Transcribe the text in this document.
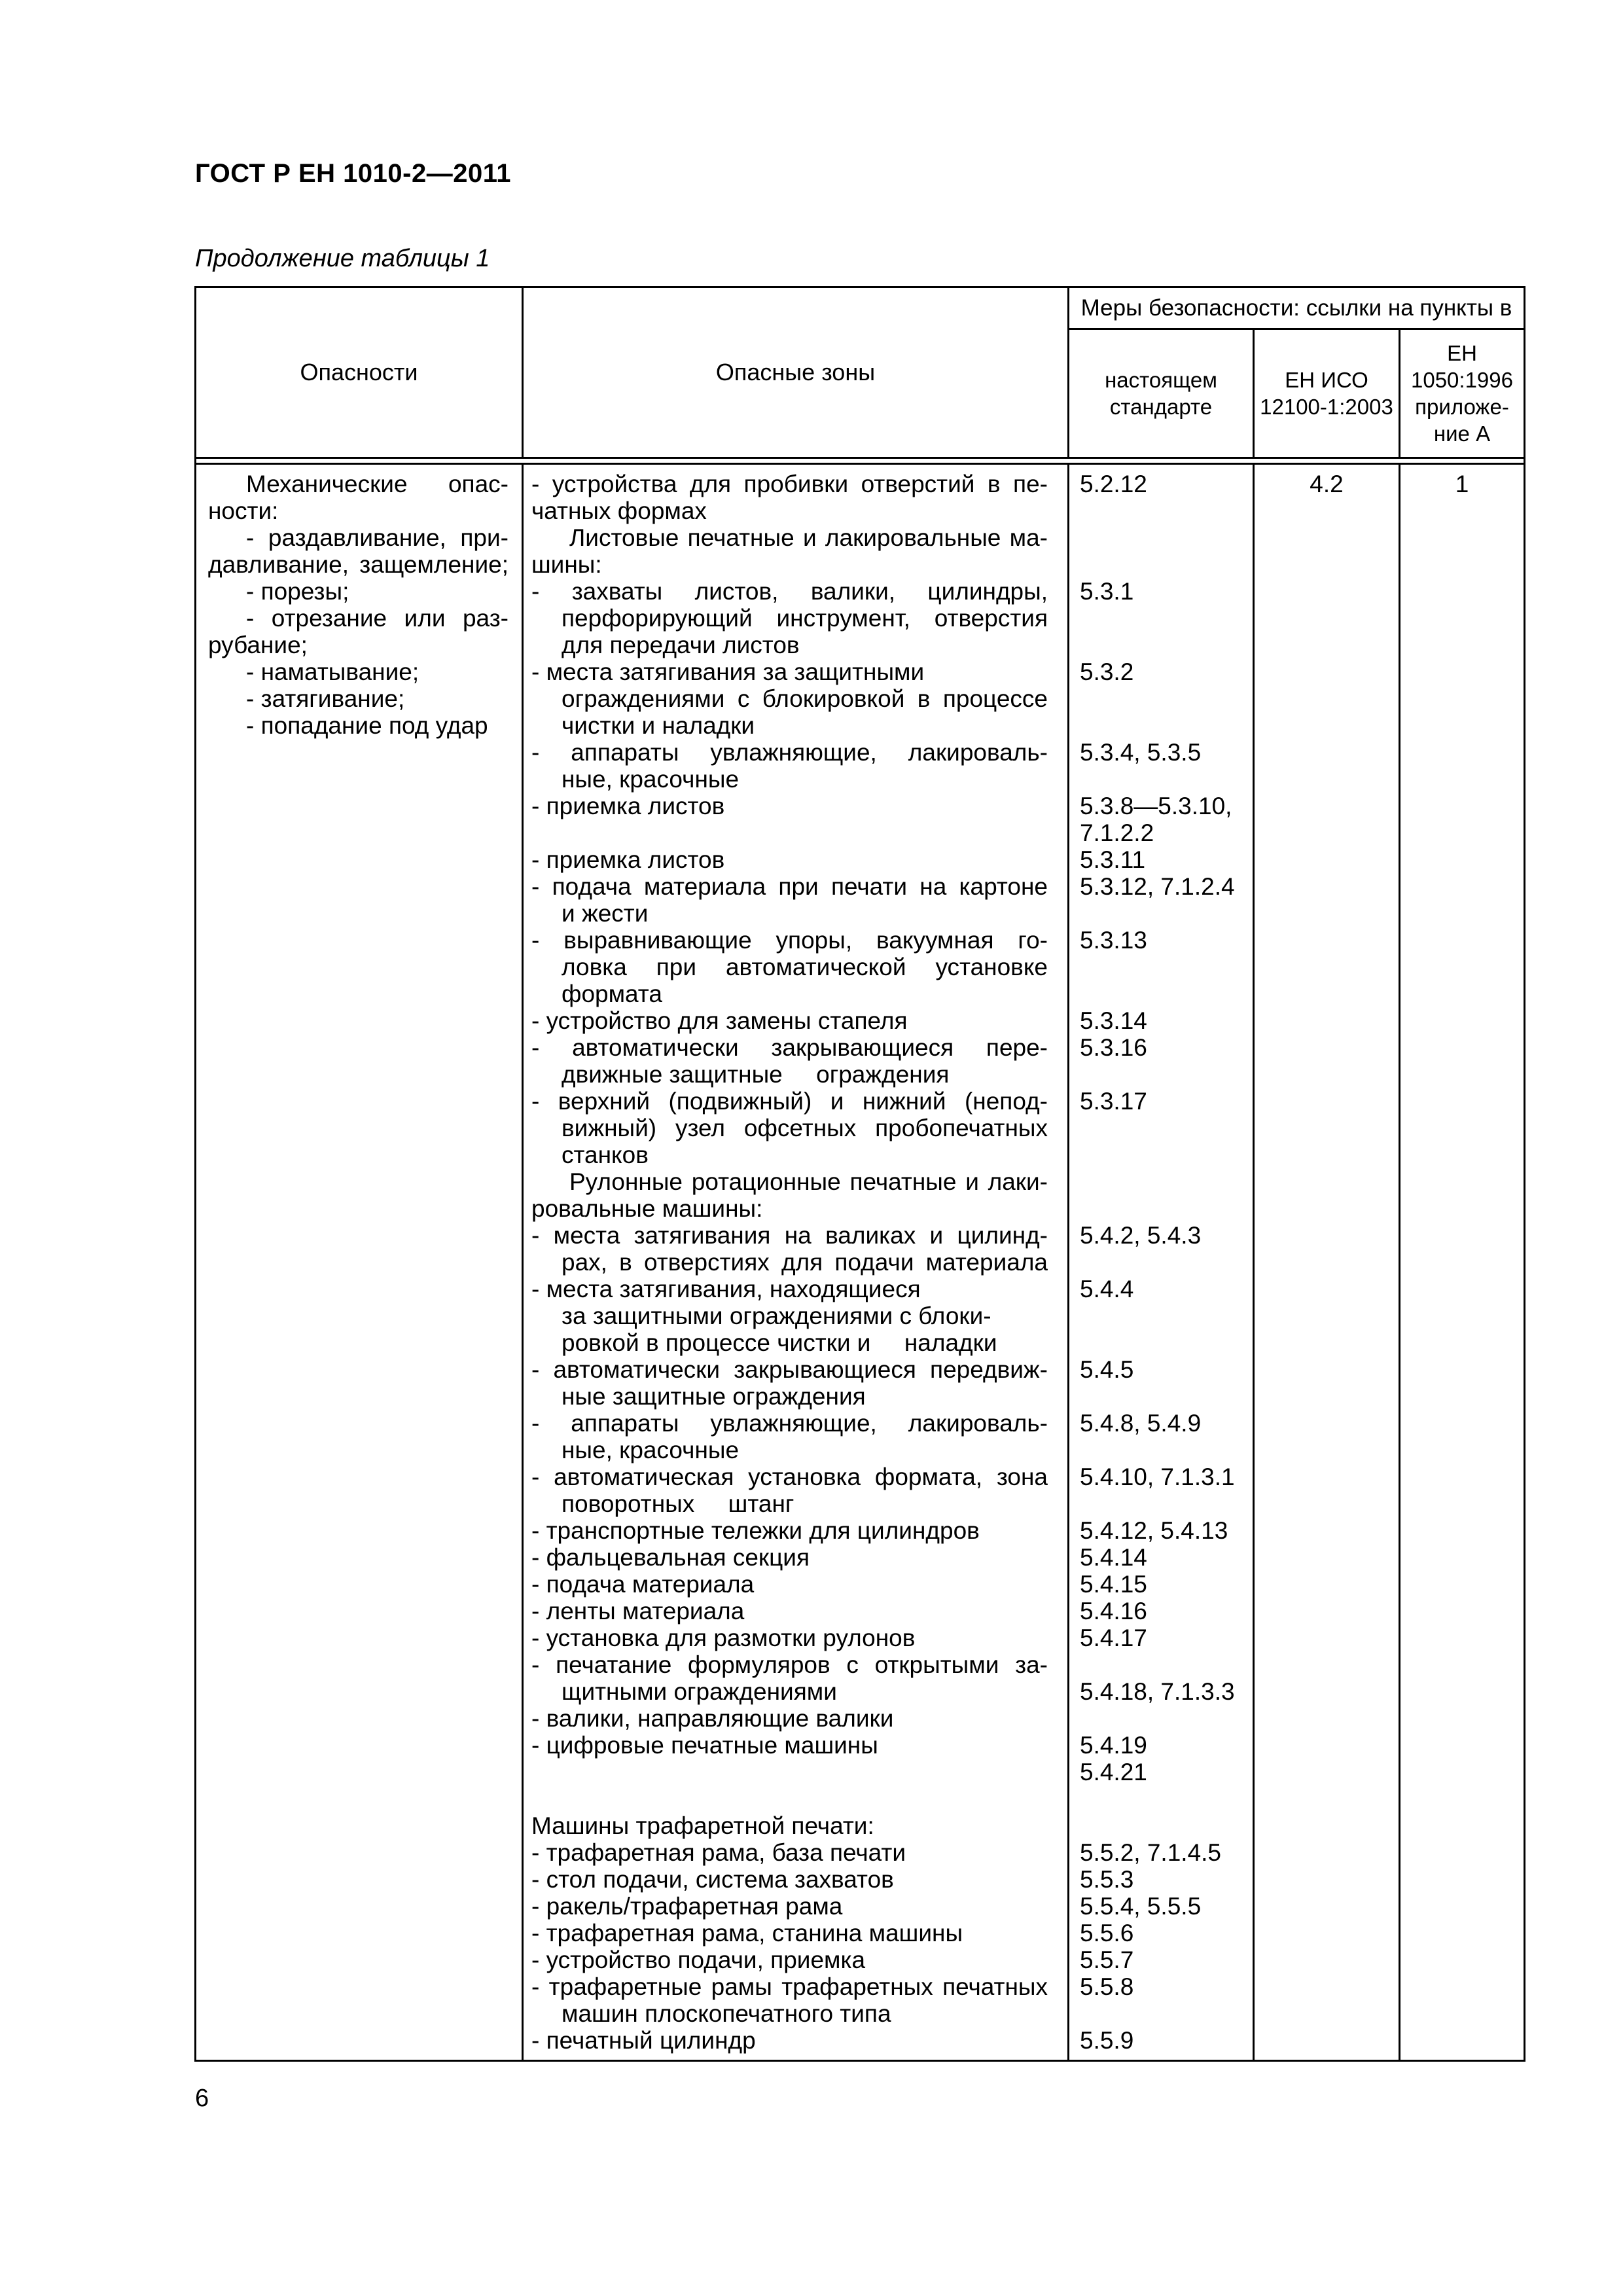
ГОСТ Р ЕН 1010-2—2011
Продолжение таблицы 1
Опасности	Опасные зоны
Меры безопасности: ссылки на пункты в
настоящем
стандарте
ЕН ИСО
12100-1:2003
ЕН
1050:1996
приложе-
ние А
Механические опас-
ности:
- раздавливание, при-
давливание, защемление;
- порезы;
- отрезание или раз-
рубание;
- наматывание;
- затягивание;
- попадание под удар
- устройства для пробивки отверстий в пе-
чатных формах
Листовые печатные и лакировальные ма-
шины:
- захваты листов, валики, цилиндры,
перфорирующий инструмент, отверстия
для передачи листов
- места затягивания за защитными
ограждениями с блокировкой в процессе
чистки и наладки
- аппараты увлажняющие, лакироваль-
ные, красочные
- приемка листов

- приемка листов
- подача материала при печати на картоне
и жести
- выравнивающие упоры, вакуумная го-
ловка при автоматической установке
формата
- устройство для замены стапеля
- автоматически закрывающиеся пере-
движные защитные     ограждения
- верхний (подвижный) и нижний (непод-
вижный) узел офсетных пробопечатных
станков
Рулонные ротационные печатные и лаки-
ровальные машины:
- места затягивания на валиках и цилинд-
рах, в отверстиях для подачи материала
- места затягивания, находящиеся
за защитными ограждениями с блоки-
ровкой в процессе чистки и     наладки
- автоматически закрывающиеся передвиж-
ные защитные ограждения
- аппараты увлажняющие, лакироваль-
ные, красочные
- автоматическая установка формата, зона
поворотных     штанг
- транспортные тележки для цилиндров
- фальцевальная секция
- подача материала
- ленты материала
- установка для размотки рулонов
- печатание формуляров с открытыми за-
щитными ограждениями
- валики, направляющие валики
- цифровые печатные машины

Машины трафаретной печати:
- трафаретная рама, база печати
- стол подачи, система захватов
- ракель/трафаретная рама
- трафаретная рама, станина машины
- устройство подачи, приемка
- трафаретные рамы трафаретных печатных
машин плоскопечатного типа
- печатный цилиндр
5.2.12

5.3.1

5.3.2

5.3.4, 5.3.5

5.3.8—5.3.10,
7.1.2.2
5.3.11
5.3.12, 7.1.2.4

5.3.13

5.3.14
5.3.16

5.3.17

5.4.2, 5.4.3

5.4.4

5.4.5

5.4.8, 5.4.9

5.4.10, 7.1.3.1

5.4.12, 5.4.13
5.4.14
5.4.15
5.4.16
5.4.17

5.4.18, 7.1.3.3

5.4.19
5.4.21

5.5.2, 7.1.4.5
5.5.3
5.5.4, 5.5.5
5.5.6
5.5.7
5.5.8

5.5.9
4.2	1
6
